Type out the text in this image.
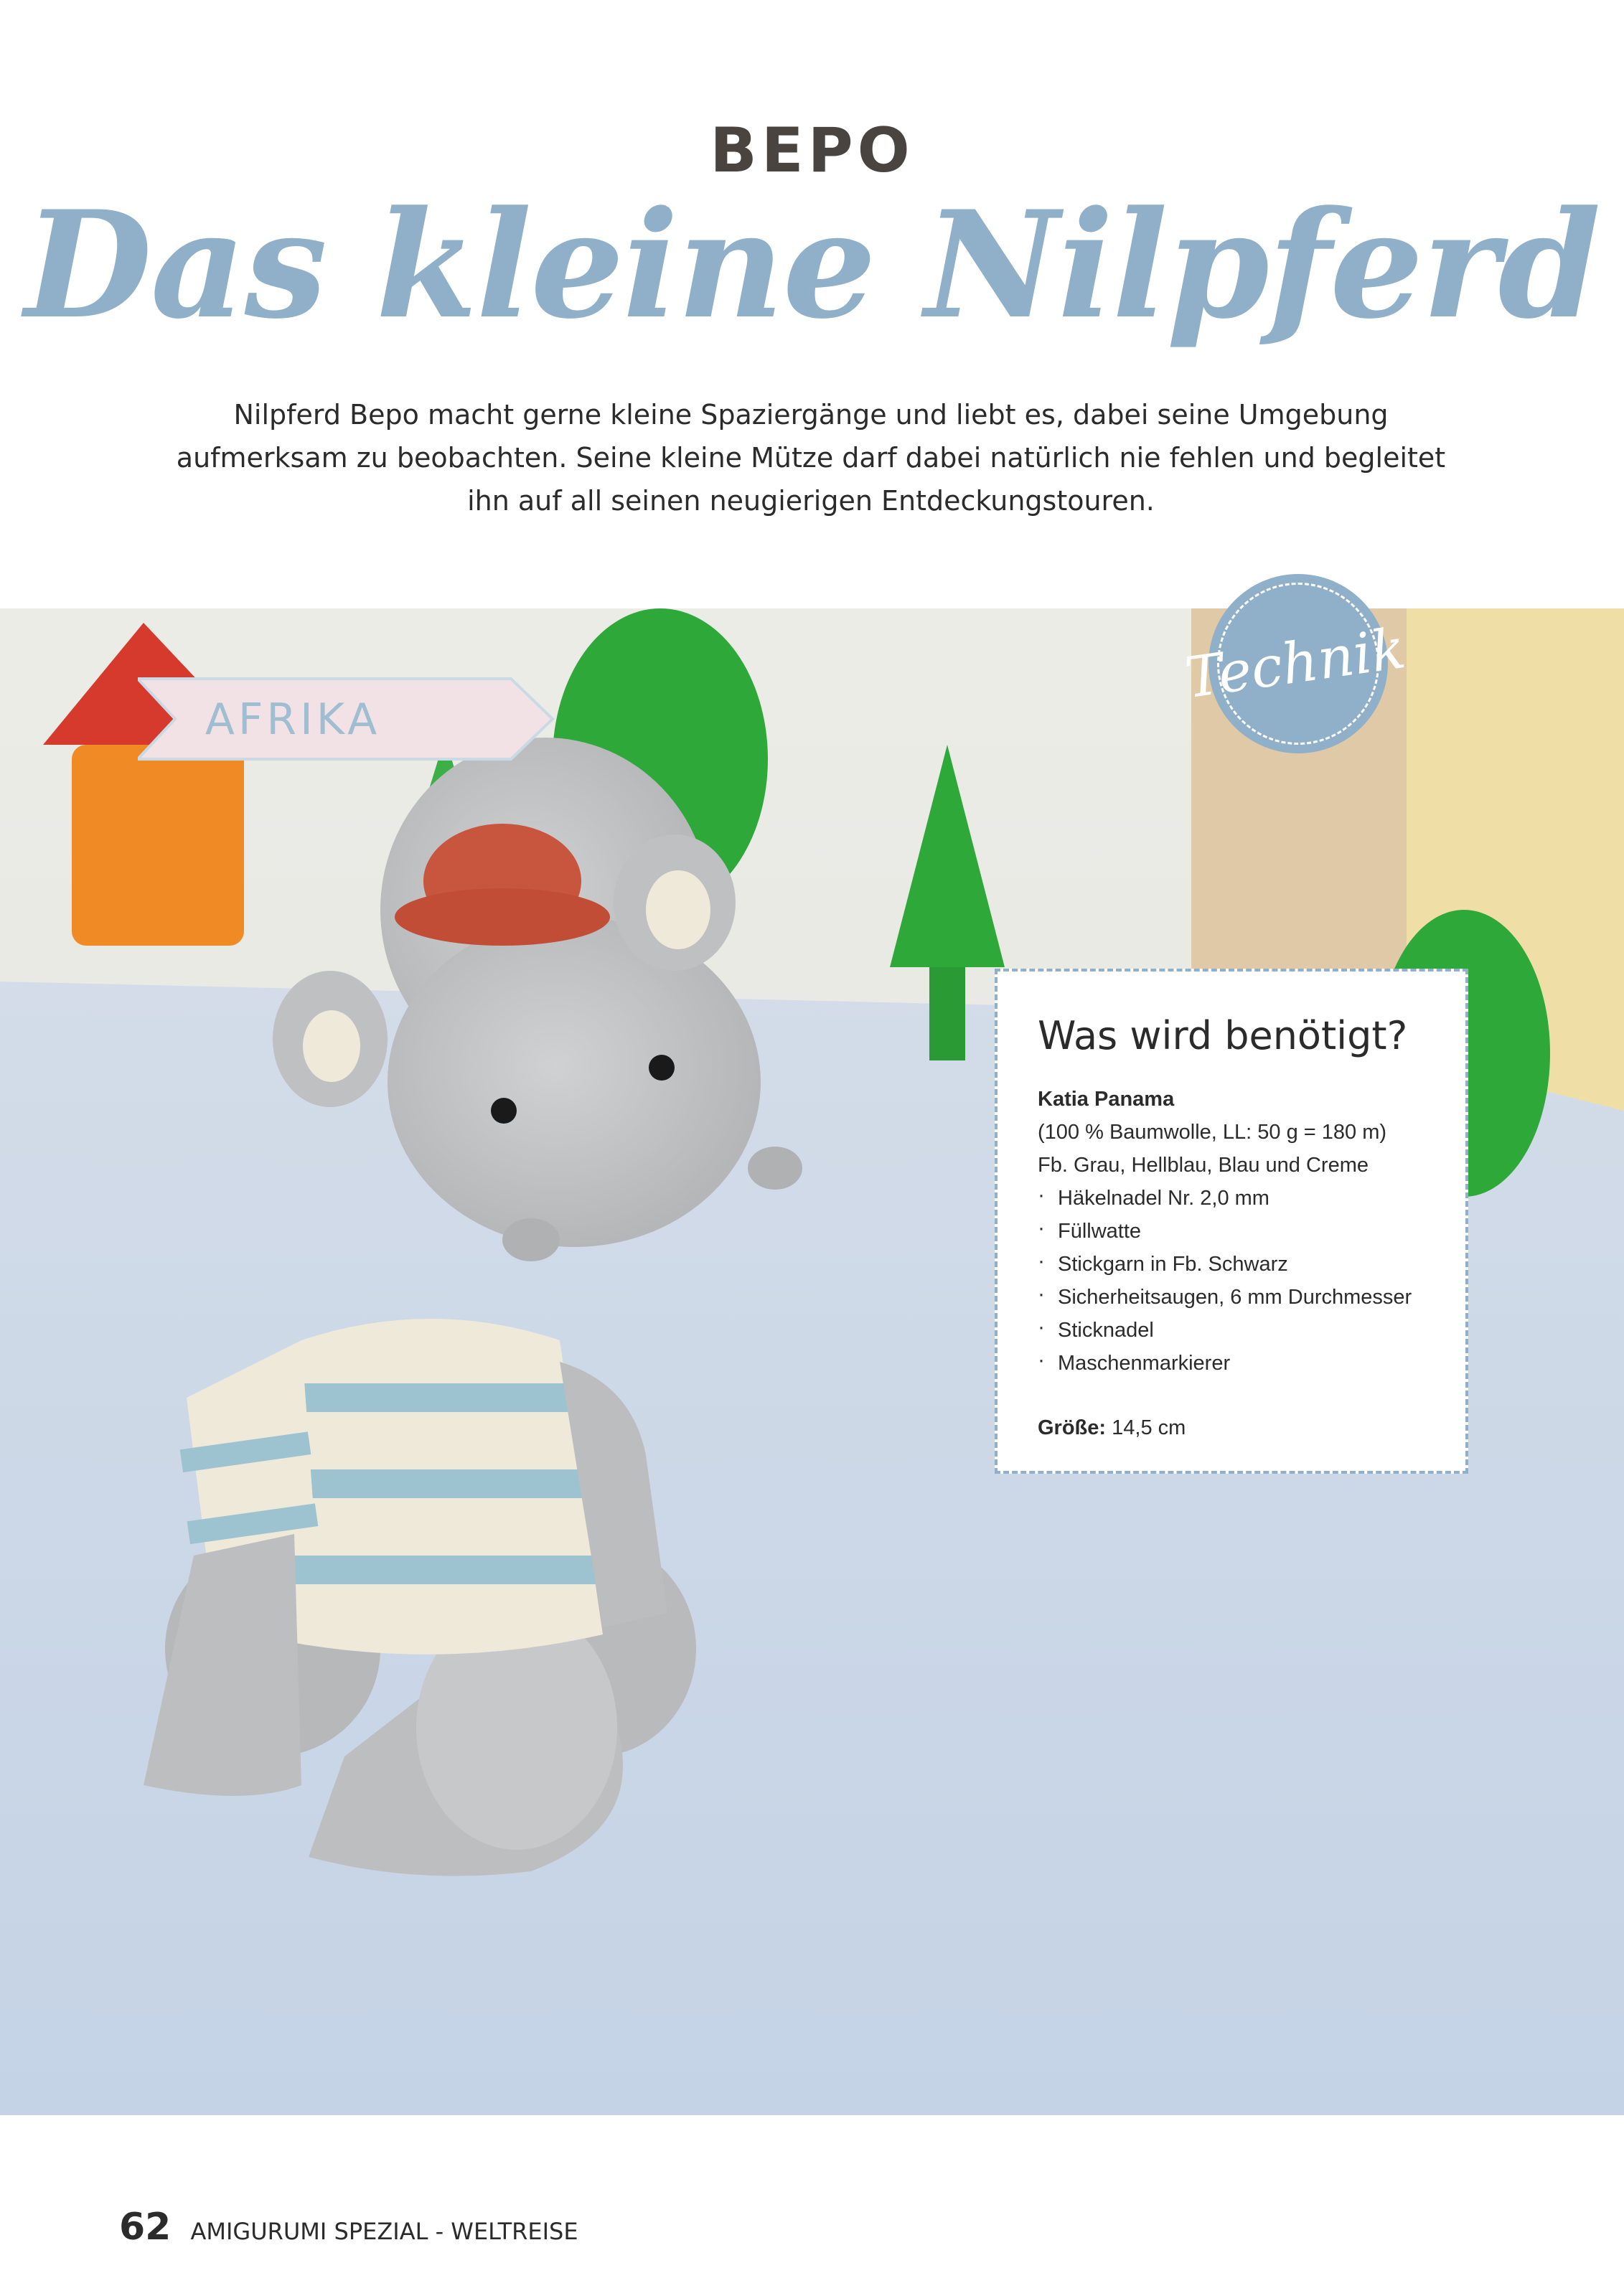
BEPO
Das kleine Nilpferd
Nilpferd Bepo macht gerne kleine Spaziergänge und liebt es, dabei seine Umgebung aufmerksam zu beobachten. Seine kleine Mütze darf dabei natürlich nie fehlen und begleitet ihn auf all seinen neugierigen Entdeckungstouren.
AFRIKA
Technik
Was wird benötigt?
Katia Panama
(100 % Baumwolle, LL: 50 g = 180 m)
Fb. Grau, Hellblau, Blau und Creme
· Häkelnadel Nr. 2,0 mm
· Füllwatte
· Stickgarn in Fb. Schwarz
· Sicherheitsaugen, 6 mm Durchmesser
· Sticknadel
· Maschenmarkierer
Größe: 14,5 cm
62 AMIGURUMI SPEZIAL - WELTREISE
